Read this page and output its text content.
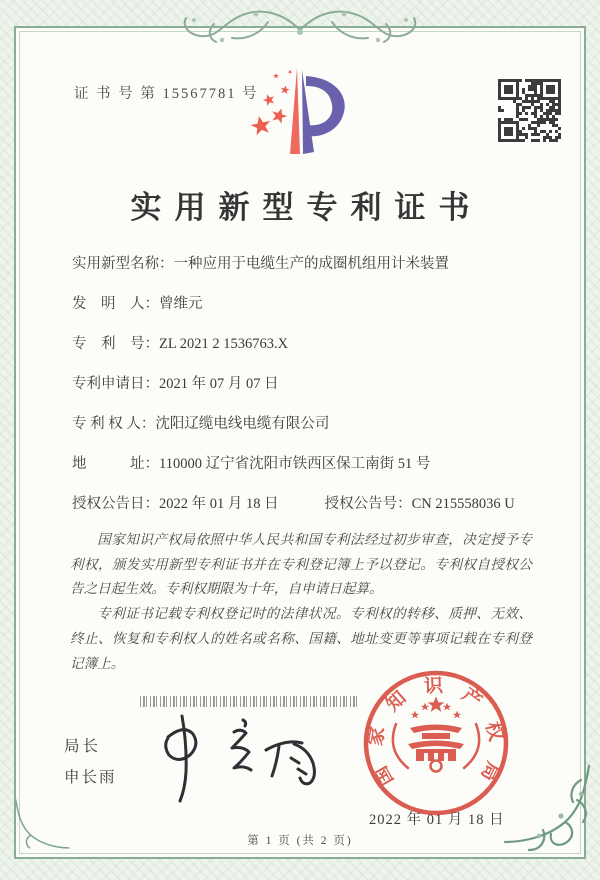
证 书 号 第 15567781 号
实用新型专利证书
实用新型名称：一种应用于电缆生产的成圈机组用计米装置
发　明　人：曾维元
专　利　号：ZL 2021 2 1536763.X
专利申请日：2021 年 07 月 07 日
专 利 权 人：沈阳辽缆电线电缆有限公司
地　　　址：110000 辽宁省沈阳市铁西区保工南街 51 号
授权公告日：2022 年 01 月 18 日	授权公告号：CN 215558036 U

国家知识产权局依照中华人民共和国专利法经过初步审查，决定授予专利权，颁发实用新型专利证书并在专利登记簿上予以登记。专利权自授权公告之日起生效。专利权期限为十年，自申请日起算。

专利证书记载专利权登记时的法律状况。专利权的转移、质押、无效、终止、恢复和专利权人的姓名或名称、国籍、地址变更等事项记载在专利登记簿上。

局长
申长雨	国家知识产权局
2022 年 01 月 18 日
第 1 页 (共 2 页)
